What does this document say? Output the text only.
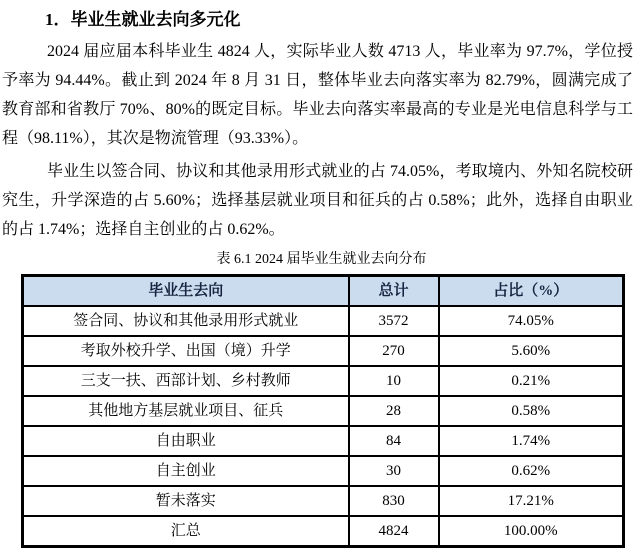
1．毕业生就业去向多元化

2024 届应届本科毕业生 4824 人，实际毕业人数 4713 人，毕业率为 97.7%，学位授予率为 94.44%。截止到 2024 年 8 月 31 日，整体毕业去向落实率为 82.79%，圆满完成了教育部和省教厅 70%、80%的既定目标。毕业去向落实率最高的专业是光电信息科学与工程（98.11%），其次是物流管理（93.33%）。

毕业生以签合同、协议和其他录用形式就业的占 74.05%，考取境内、外知名院校研究生，升学深造的占 5.60%；选择基层就业项目和征兵的占 0.58%；此外，选择自由职业的占 1.74%；选择自主创业的占 0.62%。

表 6.1 2024 届毕业生就业去向分布
毕业生去向	总计	占比（%）
签合同、协议和其他录用形式就业	3572	74.05%
考取外校升学、出国（境）升学	270	5.60%
三支一扶、西部计划、乡村教师	10	0.21%
其他地方基层就业项目、征兵	28	0.58%
自由职业	84	1.74%
自主创业	30	0.62%
暂未落实	830	17.21%
汇总	4824	100.00%
